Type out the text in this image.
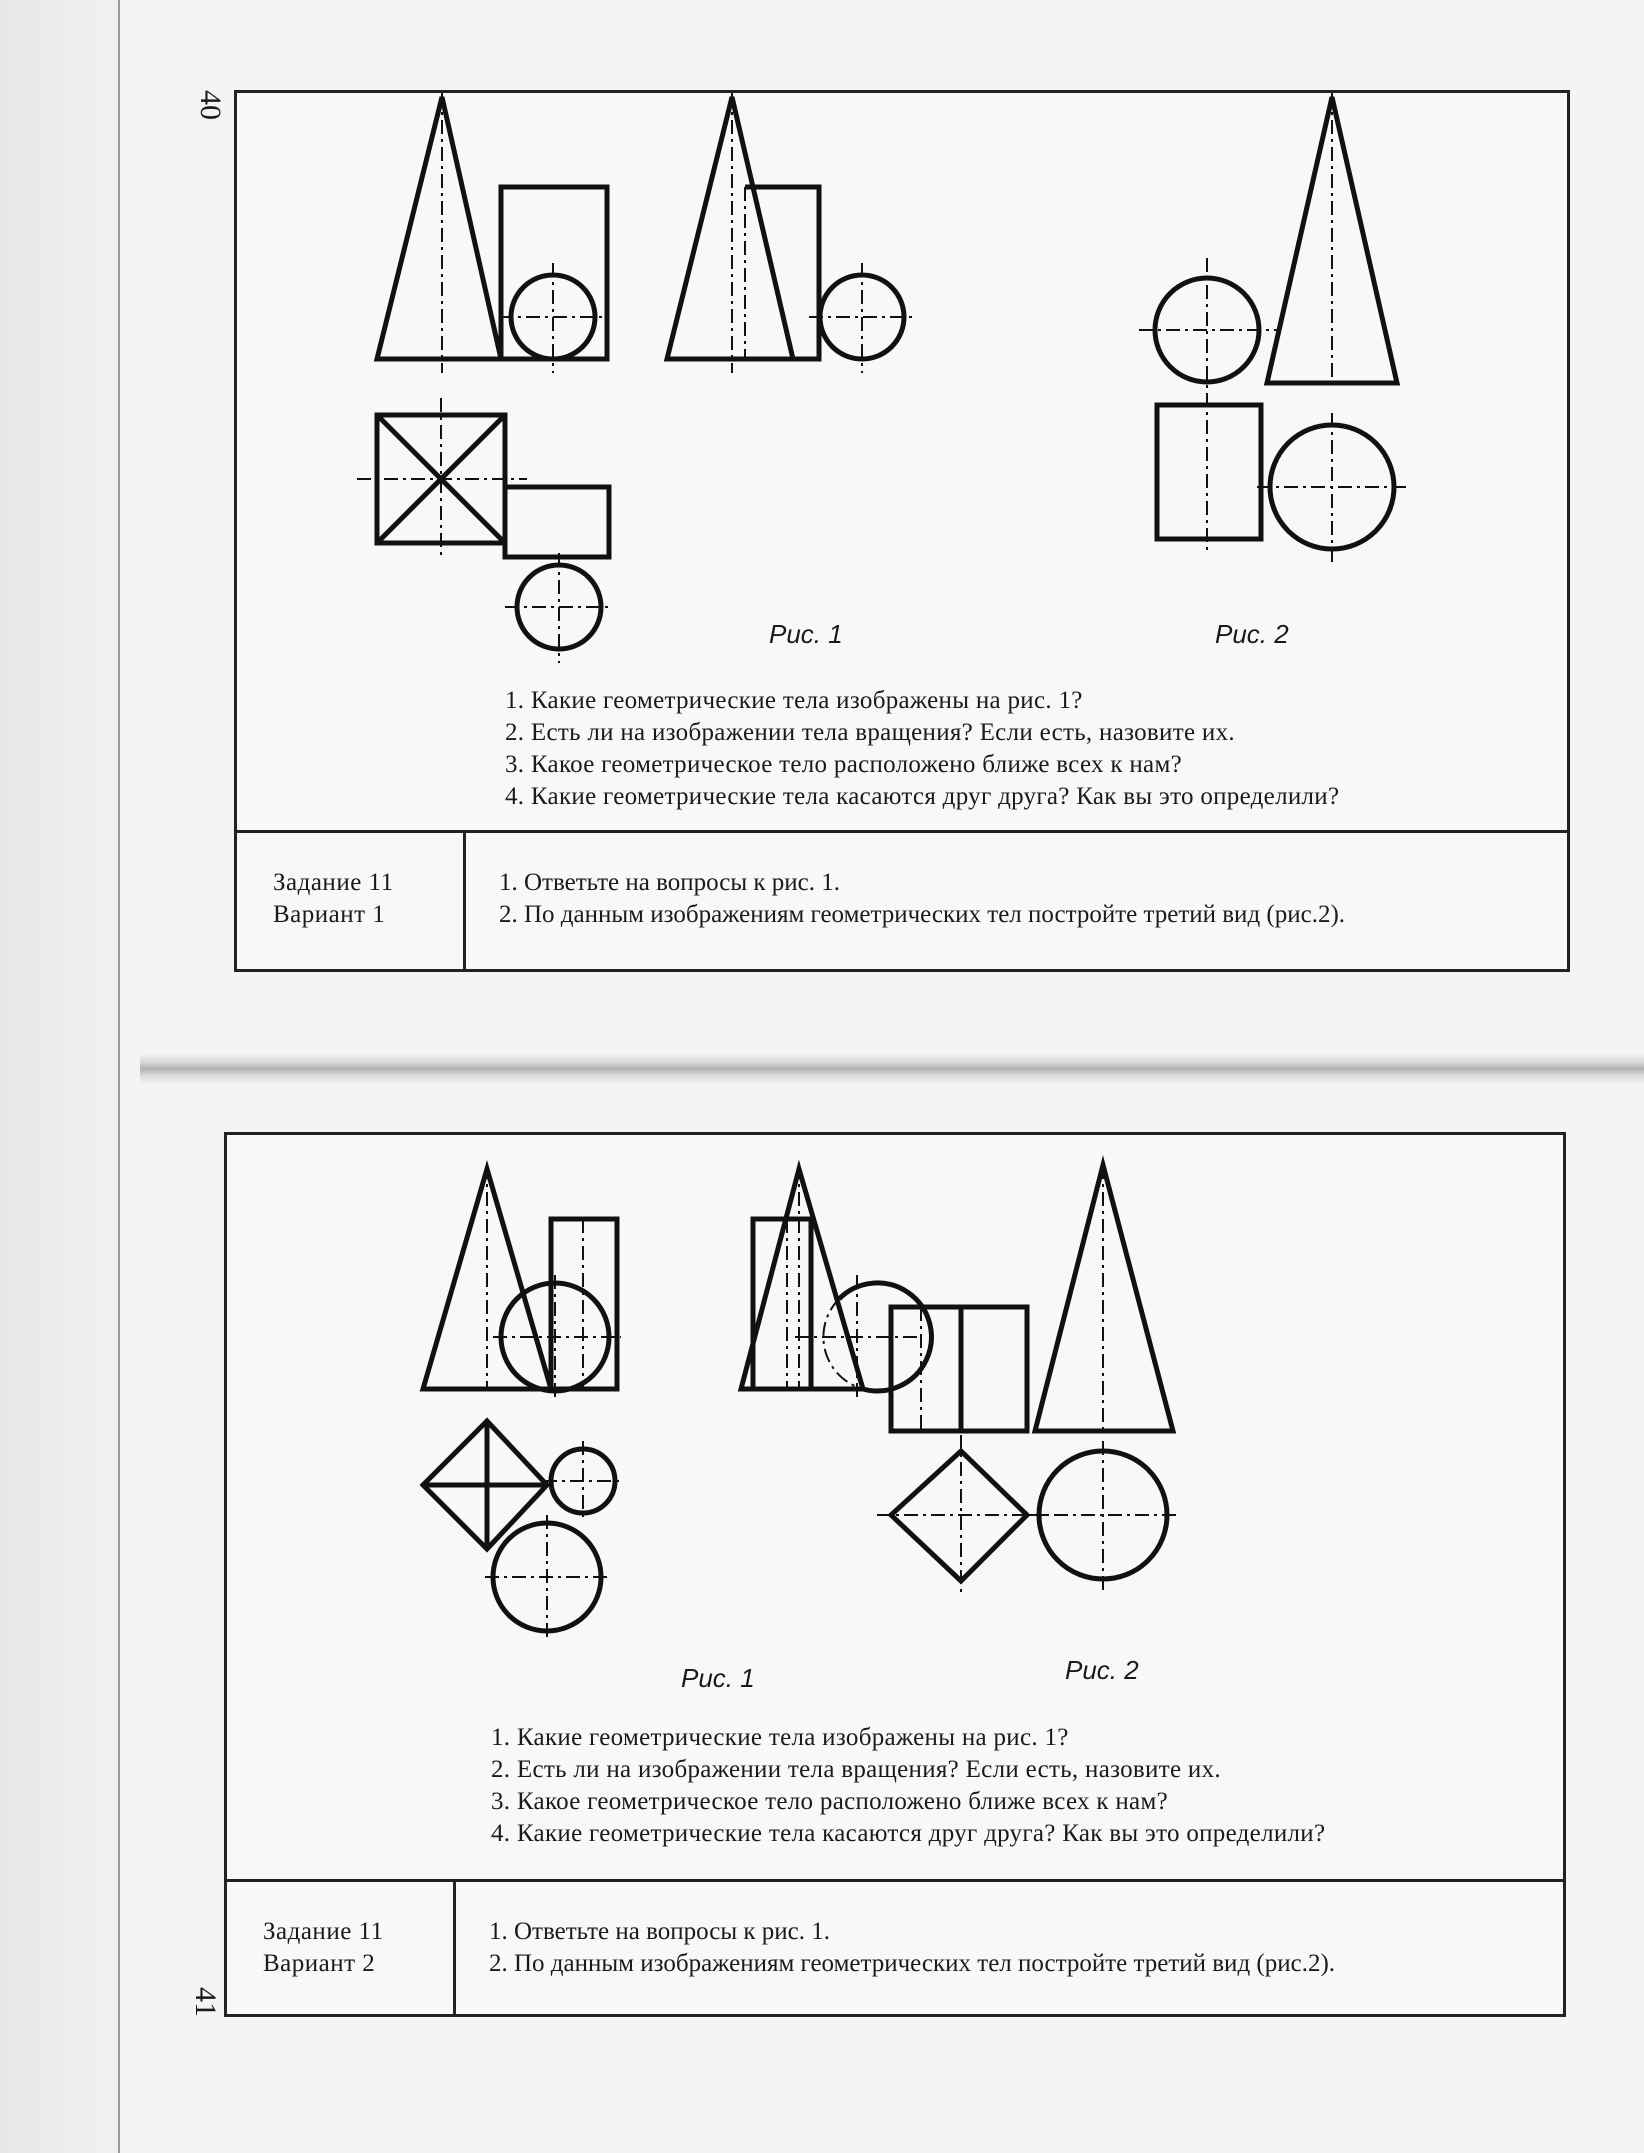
40
41
Рис. 1	Рис. 2
1. Какие геометрические тела изображены на рис. 1?
2. Есть ли на изображении тела вращения? Если есть, назовите их.
3. Какое геометрическое тело расположено ближе всех к нам?
4. Какие геометрические тела касаются друг друга? Как вы это определили?
Задание 11
Вариант 1
1. Ответьте на вопросы к рис. 1.
2. По данным изображениям геометрических тел постройте третий вид (рис.2).
Рис. 1	Рис. 2
1. Какие геометрические тела изображены на рис. 1?
2. Есть ли на изображении тела вращения? Если есть, назовите их.
3. Какое геометрическое тело расположено ближе всех к нам?
4. Какие геометрические тела касаются друг друга? Как вы это определили?
Задание 11
Вариант 2
1. Ответьте на вопросы к рис. 1.
2. По данным изображениям геометрических тел постройте третий вид (рис.2).
